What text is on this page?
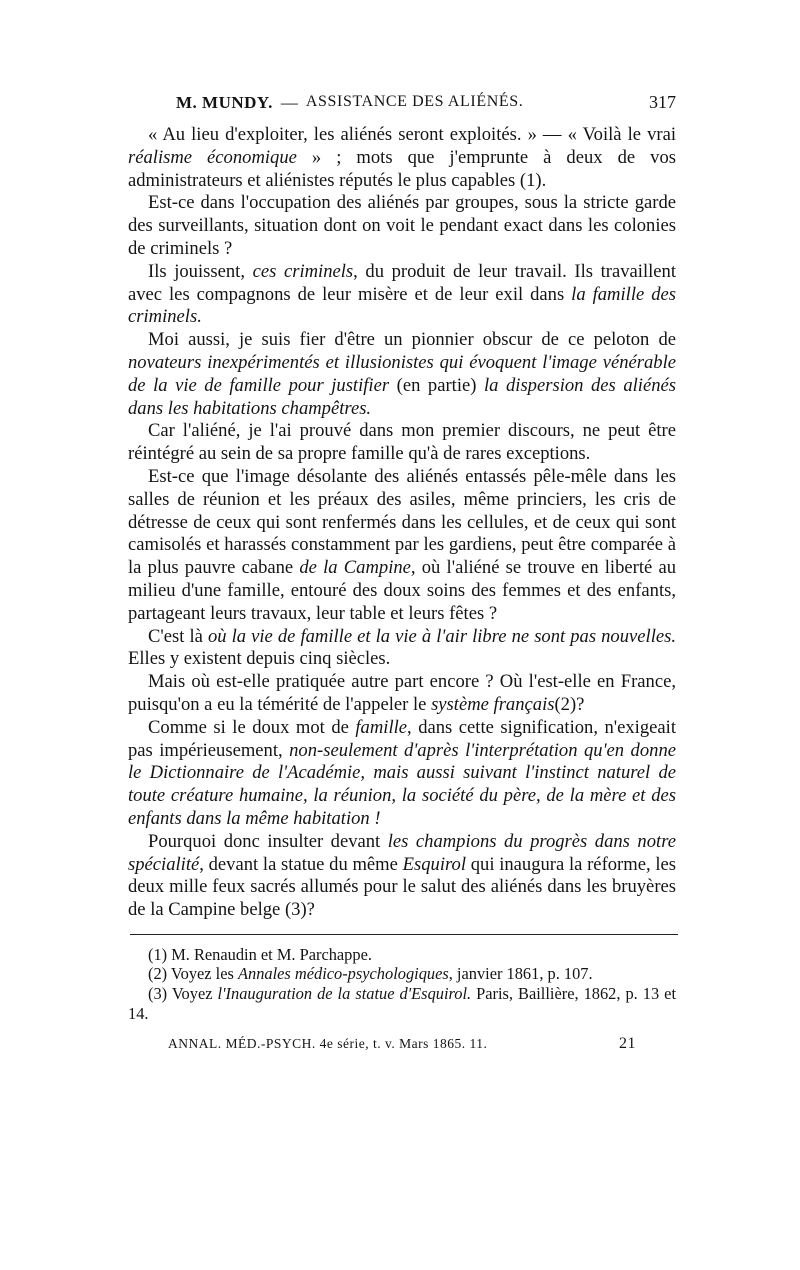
M. MUNDY. — ASSISTANCE DES ALIÉNÉS.	317

« Au lieu d'exploiter, les aliénés seront exploités. » — « Voilà le vrai réalisme économique » ; mots que j'emprunte à deux de vos administrateurs et aliénistes réputés le plus capables (1).

Est-ce dans l'occupation des aliénés par groupes, sous la stricte garde des surveillants, situation dont on voit le pendant exact dans les colonies de criminels ?

Ils jouissent, ces criminels, du produit de leur travail. Ils travaillent avec les compagnons de leur misère et de leur exil dans la famille des criminels.

Moi aussi, je suis fier d'être un pionnier obscur de ce peloton de novateurs inexpérimentés et illusionistes qui évoquent l'image vénérable de la vie de famille pour justifier (en partie) la dispersion des aliénés dans les habitations champêtres.

Car l'aliéné, je l'ai prouvé dans mon premier discours, ne peut être réintégré au sein de sa propre famille qu'à de rares exceptions.

Est-ce que l'image désolante des aliénés entassés pêle-mêle dans les salles de réunion et les préaux des asiles, même princiers, les cris de détresse de ceux qui sont renfermés dans les cellules, et de ceux qui sont camisolés et harassés constamment par les gardiens, peut être comparée à la plus pauvre cabane de la Campine, où l'aliéné se trouve en liberté au milieu d'une famille, entouré des doux soins des femmes et des enfants, partageant leurs travaux, leur table et leurs fêtes ?

C'est là où la vie de famille et la vie à l'air libre ne sont pas nouvelles. Elles y existent depuis cinq siècles.

Mais où est-elle pratiquée autre part encore ? Où l'est-elle en France, puisqu'on a eu la témérité de l'appeler le système français(2)?

Comme si le doux mot de famille, dans cette signification, n'exigeait pas impérieusement, non-seulement d'après l'interprétation qu'en donne le Dictionnaire de l'Académie, mais aussi suivant l'instinct naturel de toute créature humaine, la réunion, la société du père, de la mère et des enfants dans la même habitation !

Pourquoi donc insulter devant les champions du progrès dans notre spécialité, devant la statue du même Esquirol qui inaugura la réforme, les deux mille feux sacrés allumés pour le salut des aliénés dans les bruyères de la Campine belge (3)?

(1) M. Renaudin et M. Parchappe.

(2) Voyez les Annales médico-psychologiques, janvier 1861, p. 107.

(3) Voyez l'Inauguration de la statue d'Esquirol. Paris, Baillière, 1862, p. 13 et 14.

ANNAL. MÉD.-PSYCH. 4e série, t. v. Mars 1865. 11.	21
